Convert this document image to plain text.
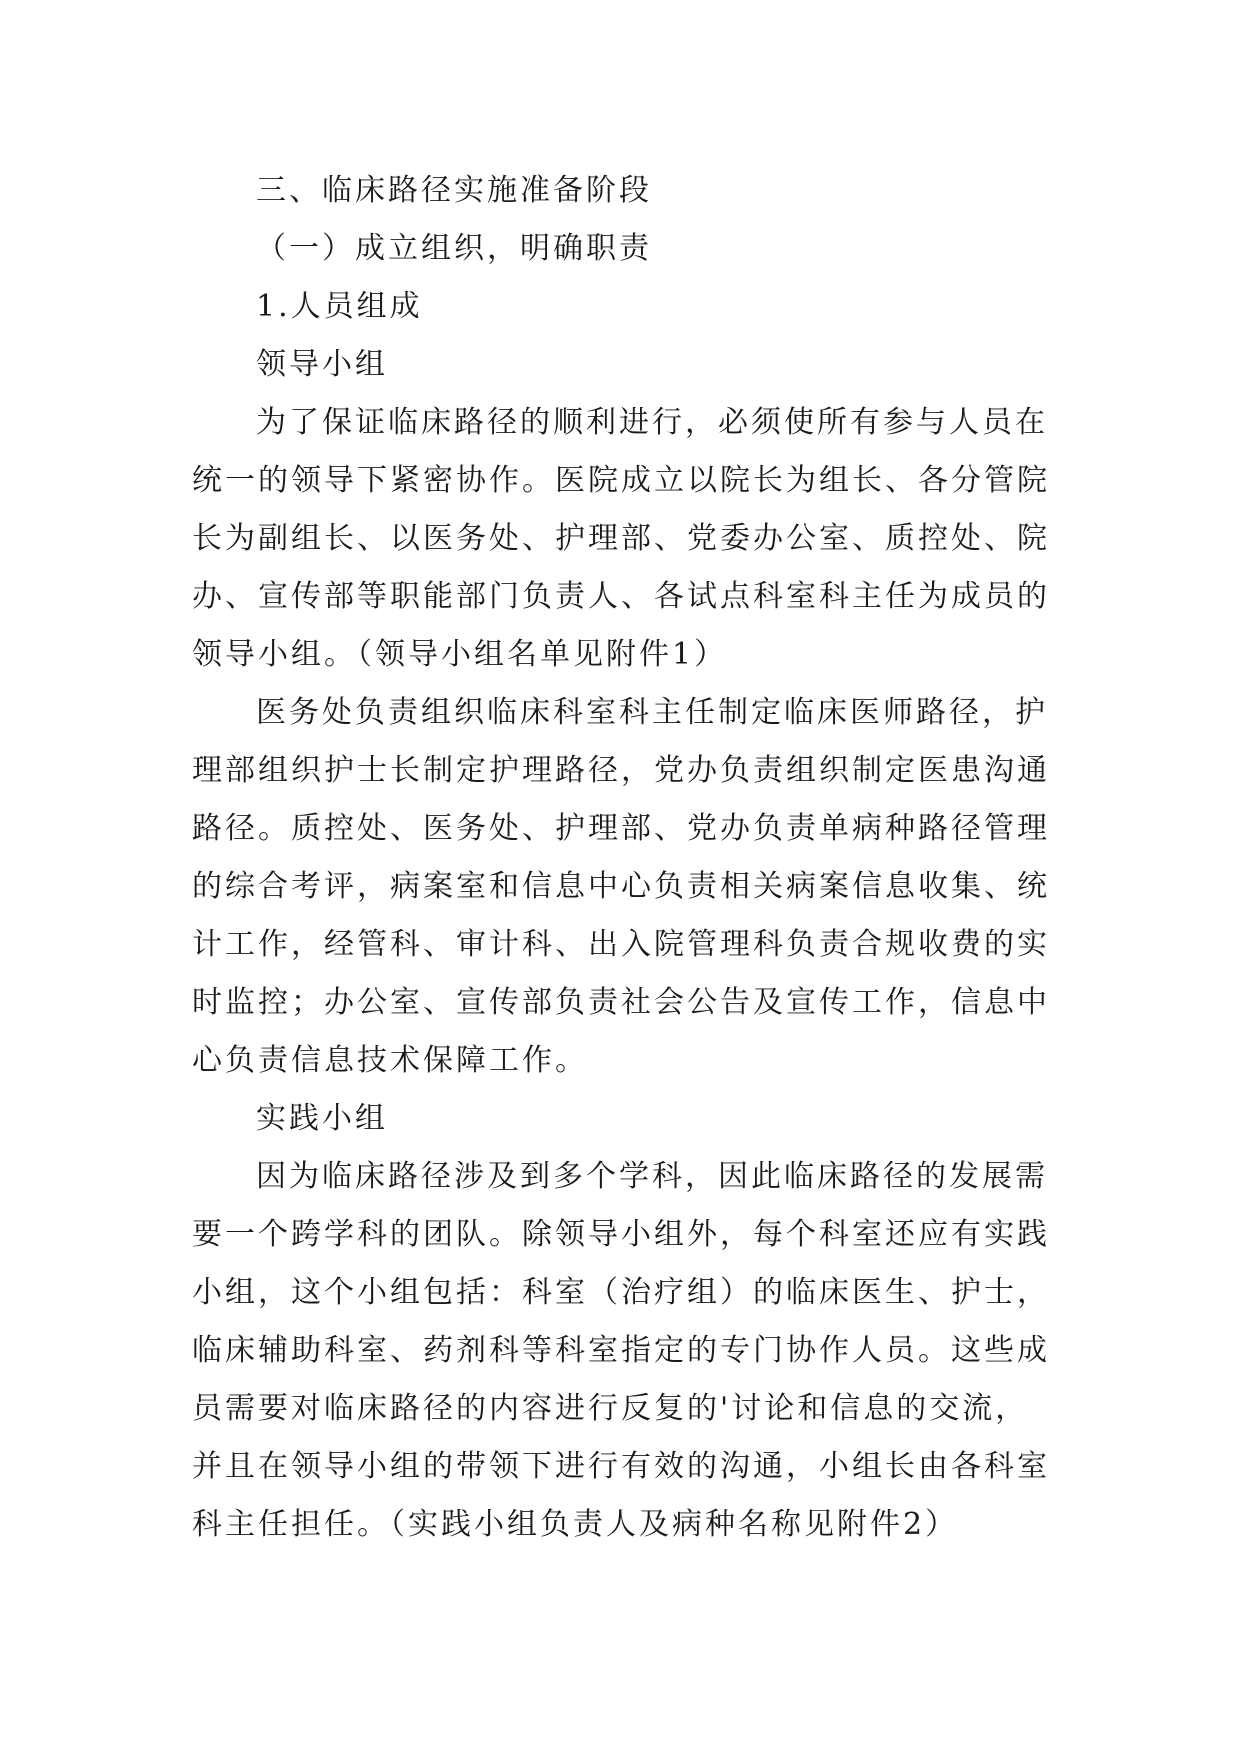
三、临床路径实施准备阶段
（一）成立组织，明确职责
1.人员组成
领导小组
为了保证临床路径的顺利进行，必须使所有参与人员在
统一的领导下紧密协作。医院成立以院长为组长、各分管院
长为副组长、以医务处、护理部、党委办公室、质控处、院
办、宣传部等职能部门负责人、各试点科室科主任为成员的
领导小组。（领导小组名单见附件1）
医务处负责组织临床科室科主任制定临床医师路径，护
理部组织护士长制定护理路径，党办负责组织制定医患沟通
路径。质控处、医务处、护理部、党办负责单病种路径管理
的综合考评，病案室和信息中心负责相关病案信息收集、统
计工作，经管科、审计科、出入院管理科负责合规收费的实
时监控；办公室、宣传部负责社会公告及宣传工作，信息中
心负责信息技术保障工作。
实践小组
因为临床路径涉及到多个学科，因此临床路径的发展需
要一个跨学科的团队。除领导小组外，每个科室还应有实践
小组，这个小组包括：科室（治疗组）的临床医生、护士，
临床辅助科室、药剂科等科室指定的专门协作人员。这些成
员需要对临床路径的内容进行反复的'讨论和信息的交流，
并且在领导小组的带领下进行有效的沟通，小组长由各科室
科主任担任。（实践小组负责人及病种名称见附件2）
